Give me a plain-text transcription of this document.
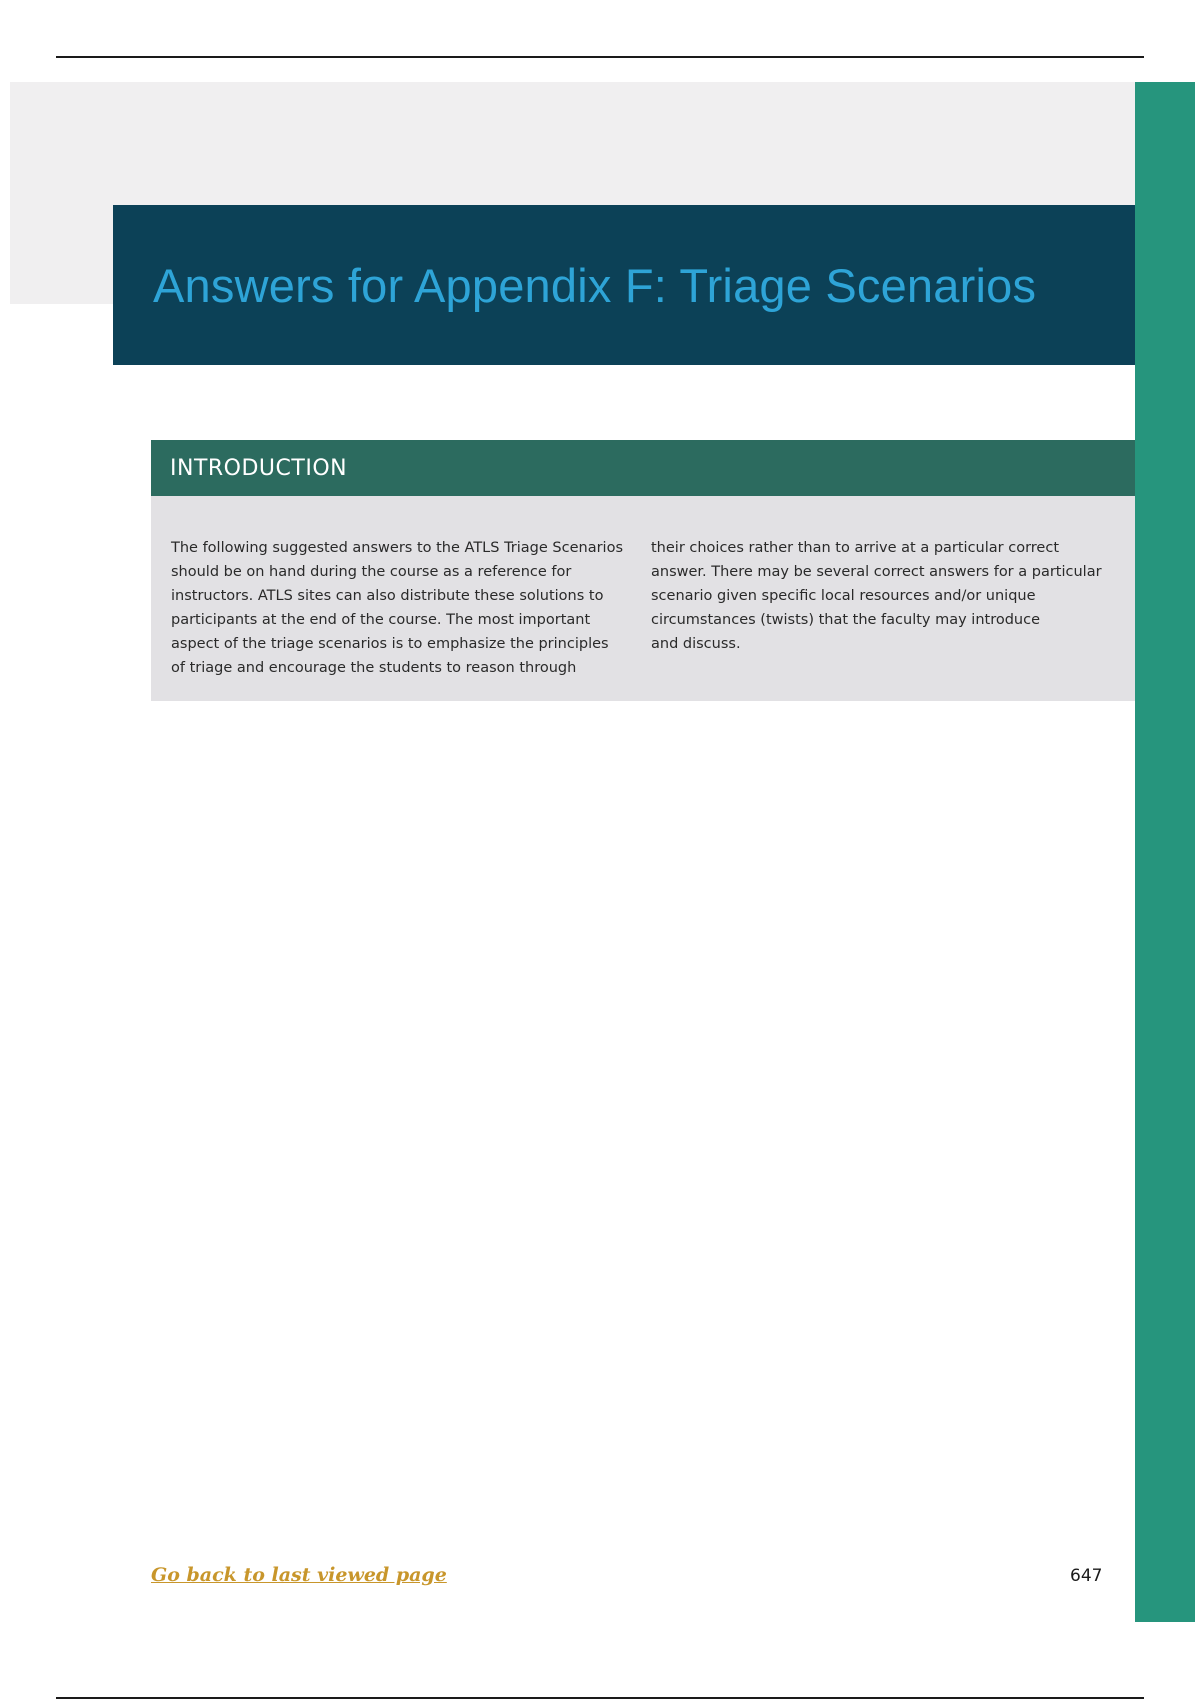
Answers for Appendix F: Triage Scenarios
INTRODUCTION
The following suggested answers to the ATLS Triage Scenarios
should be on hand during the course as a reference for
instructors. ATLS sites can also distribute these solutions to
participants at the end of the course. The most important
aspect of the triage scenarios is to emphasize the principles
of triage and encourage the students to reason through
their choices rather than to arrive at a particular correct
answer. There may be several correct answers for a particular
scenario given specific local resources and/or unique
circumstances (twists) that the faculty may introduce
and discuss.
Go back to last viewed page	647
